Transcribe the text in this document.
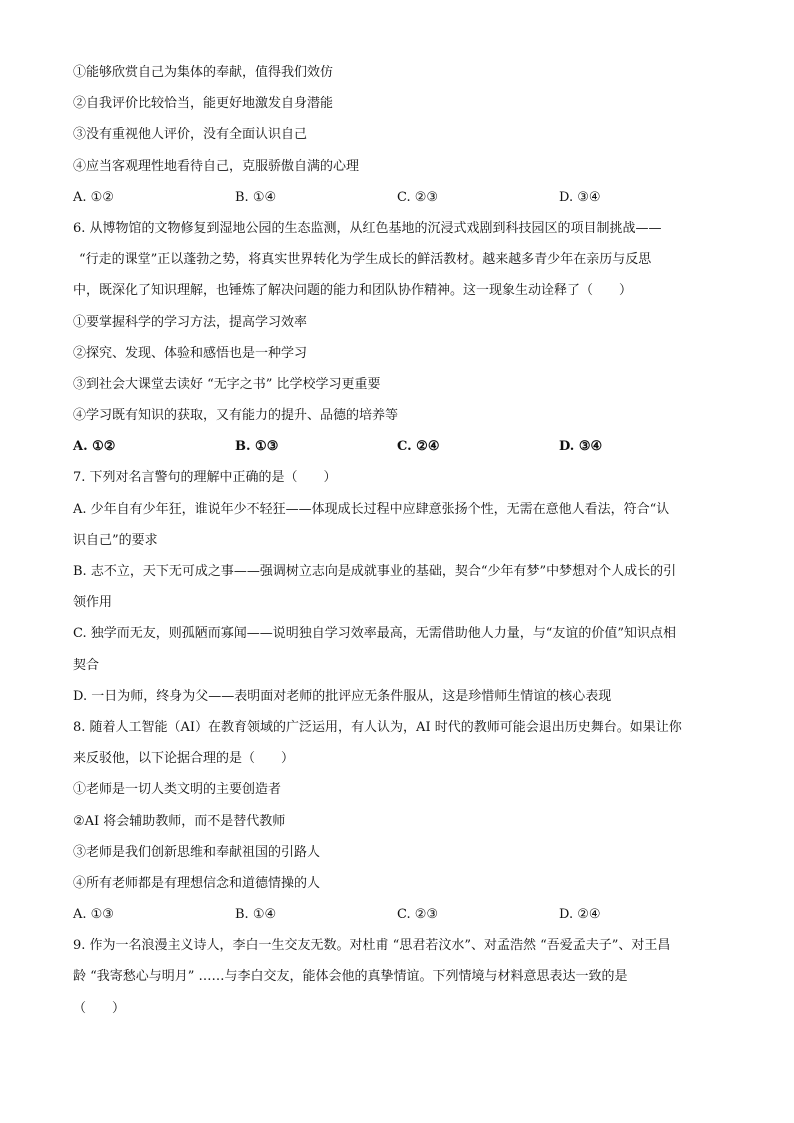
①能够欣赏自己为集体的奉献，值得我们效仿
②自我评价比较恰当，能更好地激发自身潜能
③没有重视他人评价，没有全面认识自己
④应当客观理性地看待自己，克服骄傲自满的心理
A. ①②	B. ①④	C. ②③	D. ③④
6. 从博物馆的文物修复到湿地公园的生态监测，从红色基地的沉浸式戏剧到科技园区的项目制挑战——
“行走的课堂”正以蓬勃之势，将真实世界转化为学生成长的鲜活教材。越来越多青少年在亲历与反思
中，既深化了知识理解，也锤炼了解决问题的能力和团队协作精神。这一现象生动诠释了（　　）
①要掌握科学的学习方法，提高学习效率
②探究、发现、体验和感悟也是一种学习
③到社会大课堂去读好 “无字之书” 比学校学习更重要
④学习既有知识的获取，又有能力的提升、品德的培养等
A. ①②	B. ①③	C. ②④	D. ③④
7. 下列对名言警句的理解中正确的是（　　）
A. 少年自有少年狂，谁说年少不轻狂——体现成长过程中应肆意张扬个性，无需在意他人看法，符合“认
识自己”的要求
B. 志不立，天下无可成之事——强调树立志向是成就事业的基础，契合“少年有梦”中梦想对个人成长的引
领作用
C. 独学而无友，则孤陋而寡闻——说明独自学习效率最高，无需借助他人力量，与“友谊的价值”知识点相
契合
D. 一日为师，终身为父——表明面对老师的批评应无条件服从，这是珍惜师生情谊的核心表现
8. 随着人工智能（AI）在教育领域的广泛运用，有人认为，AI 时代的教师可能会退出历史舞台。如果让你
来反驳他，以下论据合理的是（　　）
①老师是一切人类文明的主要创造者
②AI 将会辅助教师，而不是替代教师
③老师是我们创新思维和奉献祖国的引路人
④所有老师都是有理想信念和道德情操的人
A. ①③	B. ①④	C. ②③	D. ②④
9. 作为一名浪漫主义诗人，李白一生交友无数。对杜甫 “思君若汶水”、对孟浩然 “吾爱孟夫子”、对王昌
龄 “我寄愁心与明月” ……与李白交友，能体会他的真挚情谊。下列情境与材料意思表达一致的是
（　　）
